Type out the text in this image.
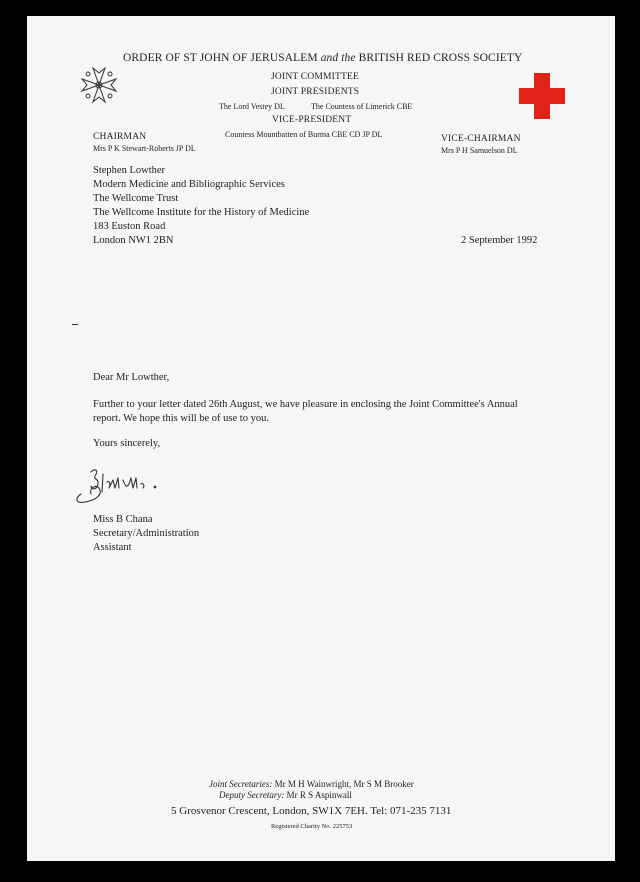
ORDER OF ST JOHN OF JERUSALEM and the BRITISH RED CROSS SOCIETY
JOINT COMMITTEE
JOINT PRESIDENTS
The Lord Vestey DL	The Countess of Limerick CBE
VICE-PRESIDENT
Countess Mountbatten of Burma CBE CD JP DL
CHAIRMAN
Mrs P K Stewart-Roberts JP DL
VICE-CHAIRMAN
Mrs P H Samuelson DL
Stephen Lowther
Modern Medicine and Bibliographic Services
The Wellcome Trust
The Wellcome Institute for the History of Medicine
183 Euston Road
London NW1 2BN	2 September 1992
Dear Mr Lowther,
Further to your letter dated 26th August, we have pleasure in enclosing the Joint Committee's Annual
report. We hope this will be of use to you.
Yours sincerely,
Miss B Chana
Secretary/Administration
Assistant
Joint Secretaries: Mr M H Wainwright, Mr S M Brooker
Deputy Secretary: Mr R S Aspinwall
5 Grosvenor Crescent, London, SW1X 7EH. Tel: 071-235 7131
Registered Charity No. 225753
